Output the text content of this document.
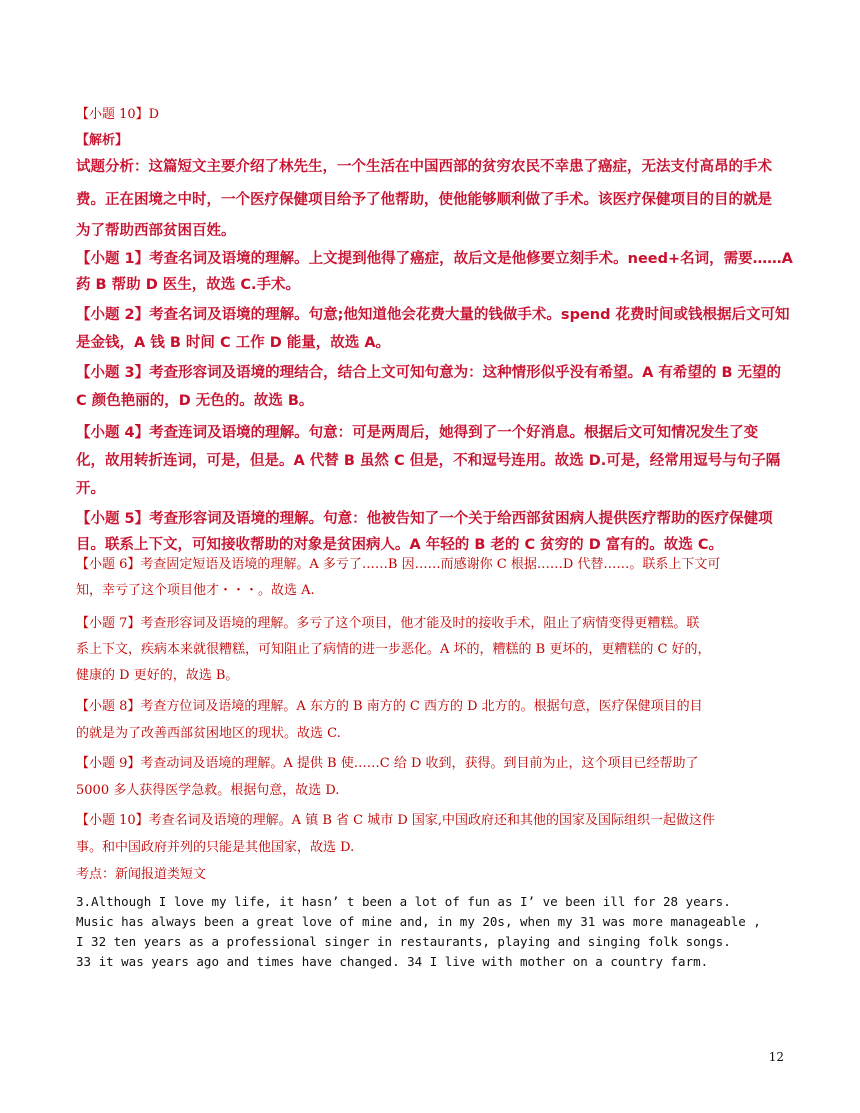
【小题 10】D
【解析】
试题分析：这篇短文主要介绍了林先生，一个生活在中国西部的贫穷农民不幸患了癌症，无法支付高昂的手术
费。正在困境之中时，一个医疗保健项目给予了他帮助，使他能够顺利做了手术。该医疗保健项目的目的就是
为了帮助西部贫困百姓。
【小题 1】考查名词及语境的理解。上文提到他得了癌症，故后文是他修要立刻手术。need+名词，需要……A
药 B 帮助 D 医生，故选 C.手术。
【小题 2】考查名词及语境的理解。句意;他知道他会花费大量的钱做手术。spend 花费时间或钱根据后文可知
是金钱，A 钱 B 时间 C 工作 D 能量，故选 A。
【小题 3】考查形容词及语境的理结合，结合上文可知句意为：这种情形似乎没有希望。A 有希望的 B 无望的
C 颜色艳丽的，D 无色的。故选 B。
【小题 4】考查连词及语境的理解。句意：可是两周后，她得到了一个好消息。根据后文可知情况发生了变
化，故用转折连词，可是，但是。A 代替 B 虽然 C 但是，不和逗号连用。故选 D.可是，经常用逗号与句子隔
开。
【小题 5】考查形容词及语境的理解。句意：他被告知了一个关于给西部贫困病人提供医疗帮助的医疗保健项
目。联系上下文，可知接收帮助的对象是贫困病人。A 年轻的 B 老的 C 贫穷的 D 富有的。故选 C。
【小题 6】考查固定短语及语境的理解。A 多亏了……B 因……而感谢你 C 根据……D 代替……。联系上下文可
知，幸亏了这个项目他才・・・。故选 A.
【小题 7】考查形容词及语境的理解。多亏了这个项目，他才能及时的接收手术，阻止了病情变得更糟糕。联
系上下文，疾病本来就很糟糕，可知阻止了病情的进一步恶化。A 坏的，糟糕的 B 更坏的，更糟糕的 C 好的，
健康的 D 更好的，故选 B。
【小题 8】考查方位词及语境的理解。A 东方的 B 南方的 C 西方的 D 北方的。根据句意，医疗保健项目的目
的就是为了改善西部贫困地区的现状。故选 C.
【小题 9】考查动词及语境的理解。A 提供 B 使……C 给 D 收到，获得。到目前为止，这个项目已经帮助了
5000 多人获得医学急救。根据句意，故选 D.
【小题 10】考查名词及语境的理解。A 镇 B 省 C 城市 D 国家,中国政府还和其他的国家及国际组织一起做这件
事。和中国政府并列的只能是其他国家，故选 D.
考点：新闻报道类短文
3.Although I love my life, it hasn’ t been a lot of fun as I’ ve been ill for 28 years.
Music has always been a great love of mine and, in my 20s, when my 31 was more manageable ,
I 32 ten years as a professional singer in restaurants, playing and singing folk songs.
33 it was years ago and times have changed. 34 I live with mother on a country farm.
12
